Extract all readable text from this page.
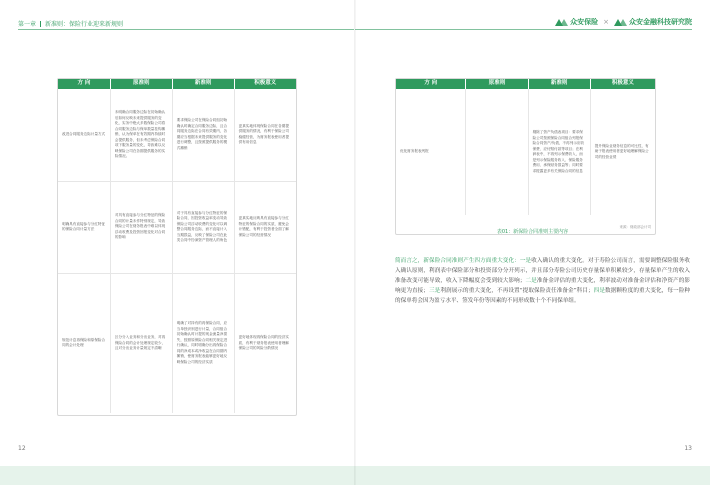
第一章 新准则：保险行业迎来新规则
方 向	原准则	新准则	积极意义
改进合同服务边际计量方式	未明确合同服务边际在初始确认后如何反映未来提供服务的变化，实务中绝大多数保险公司将合同服务边际与保单数量挂钩摊销，认为保单在有效期内持续时会提供服务，但未考虑保险合同项下服务量的变化，导致难以反映保险公司在各期提供服务的实际情况。	要求保险公司在保险合同组初始确认时确定合同服务边际，且合同服务边际在合同有效期内，各期应当根据未来提供服务的变化进行调整，且按照提供服务的模式摊销	更真实地体现保险合同在各期提供服务的情况，有利于保险公司稳健经营，为财务报表使用者提供有用信息
明确具有直接参与分红特征的保险合同计量方法	对具有直接参与分红特征的保险合同的计量未作特别规定，导致保险公司在财务报表中难以体现浮动收费及投资回报变化对合同的影响	对于具有直接参与分红特征的保险合同，因投资收益率变动导致保险公司浮动收费的变化可以调整合同服务边际，而不直接计入当期损益，反映了保险公司在此类合同中扮演资产管理人的角色	更真实地反映具有直接参与分红特征的保险合同的实质，避免会计错配，有利于投资者全面了解保险公司的经营情况
规范计息再保险和原保险合同的会计处理	区分分入业务和分出业务，对再保险合同的会计处理规定较少，且对分出业务计量规定不清晰	明确了对持有的再保险合同，应当单独识别进行计量，合同组合初始确认时计提的现金流量净损失，按照原保险合同相关规定进行确认，同时明确分出再保险合同的净成本或净收益在合同期内摊销，使财务报表能够更好地反映保险公司的经济实质	更好地体现再保险合同的经济实质，有利于财务报表使用者理解保险公司的风险分散情况
12
众安保险 ×	众安金融科技研究院
方 向	原准则	新准则	积极意义
优化财务报表列报		剔除了资产负债表项目：要求保险公司按照保险合同组合列报保险合同资产/负债，不再列示应收保费、应付赔付款等项目；在利润表中，不再列示保费收入，而是列示保险服务收入、保险服务费用、承保财务损益等；同时要求披露更多有关保险合同的信息	提升保险业财务信息的可比性，有助于报表使用者更好地理解保险公司的经营业绩
来源：财政部会计司
表01：新保险合同准则主要内容
13
简而言之，新保险合同准则产生四方面重大变化：一是收入确认的重大变化。对于寿险公司而言，需要调整保险服务收入确认原则，利润表中保险部分和投资部分分开列示，并且部分寿险公司历史存量保单积累较少，存量保单产生的收入准备改变可能导致，收入下降幅度会受到较大影响；二是准备金评估的重大变化，利率波动对准备金评估和净资产的影响更为直接；三是利润展示的重大变化，不再设置“提取保险责任准备金”科目；四是数据颗粒度的重大变化，每一险种的保单将会因为盈亏水平、签发年份等因素的不同形成数十个不同保单组。
